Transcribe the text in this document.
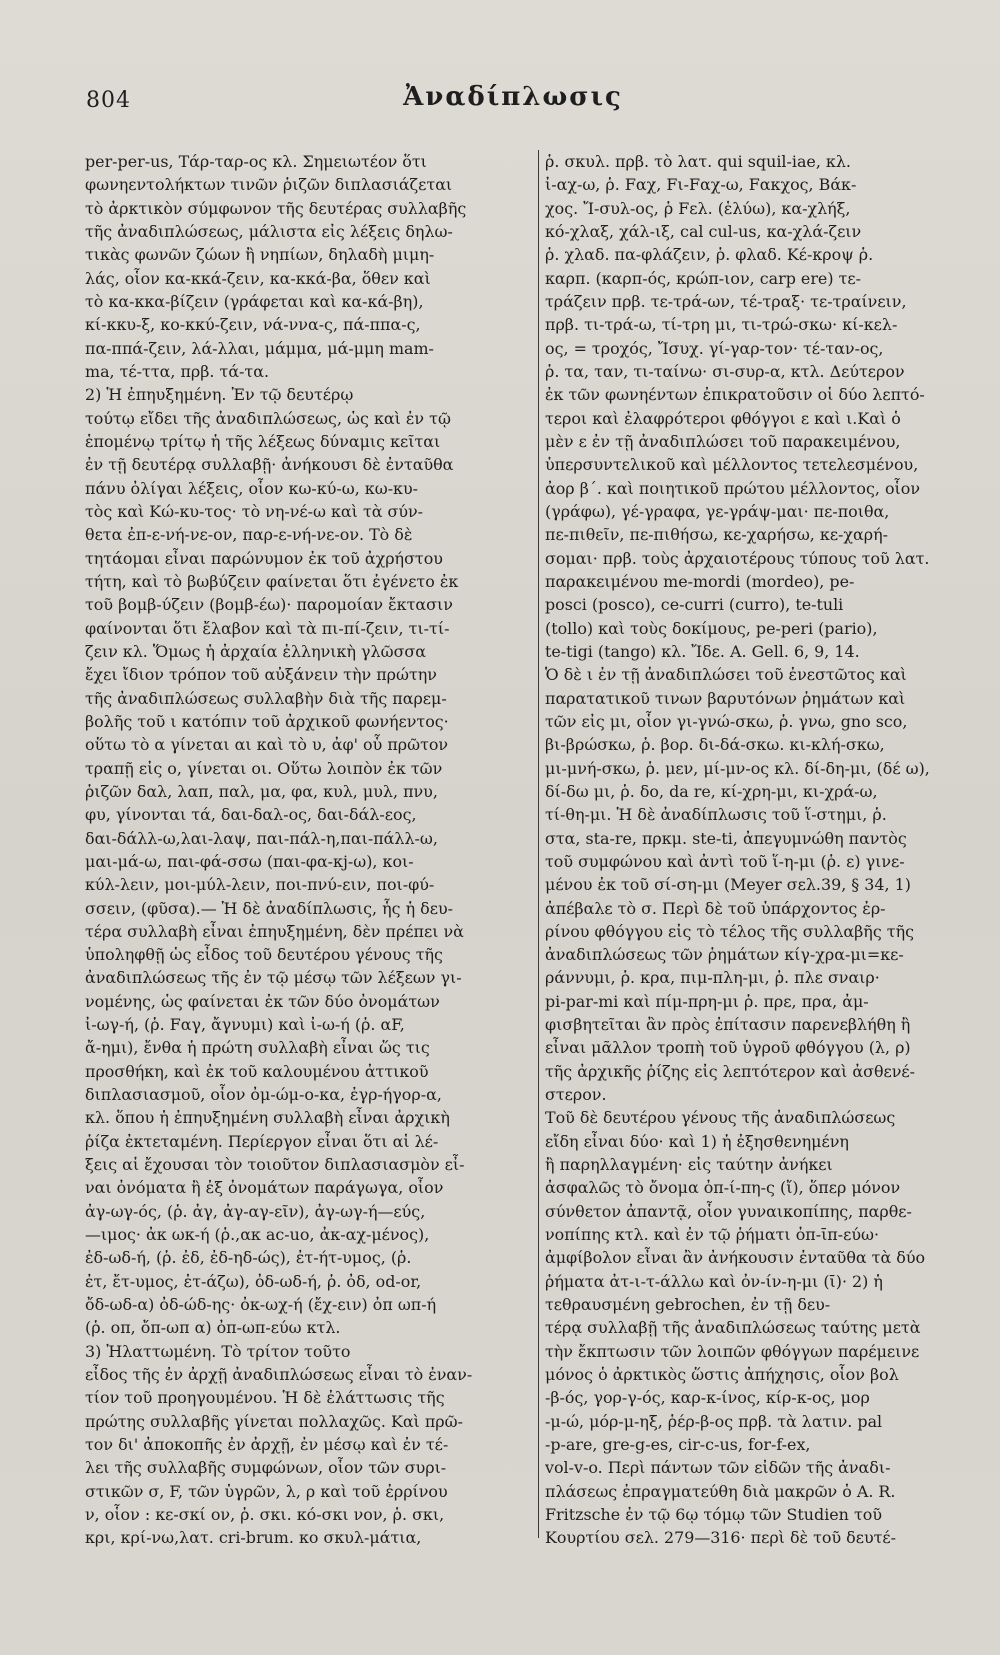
804	Ἀναδίπλωσις
per-per-us, Τάρ-ταρ-ος κλ. Σημειωτέον ὅτι
φωνηεντολήκτων τινῶν ῥιζῶν διπλασιάζεται
τὸ ἀρκτικὸν σύμφωνον τῆς δευτέρας συλλαβῆς
τῆς ἀναδιπλώσεως, μάλιστα εἰς λέξεις δηλω-
τικὰς φωνῶν ζώων ἢ νηπίων, δηλαδὴ μιμη-
λάς, οἷον κα-κκά-ζειν, κα-κκά-βα, ὅθεν καὶ
τὸ κα-κκα-βίζειν (γράφεται καὶ κα-κά-βη),
κί-κκυ-ξ, κο-κκύ-ζειν, νά-ννα-ς, πά-ππα-ς,
πα-ππά-ζειν, λά-λλαι, μάμμα, μά-μμη mam-
ma, τέ-ττα, πρβ. τά-τα.
2) Ἡ ἐπηυξημένη. Ἐν τῷ δευτέρῳ
τούτῳ εἴδει τῆς ἀναδιπλώσεως, ὡς καὶ ἐν τῷ
ἑπομένῳ τρίτῳ ἡ τῆς λέξεως δύναμις κεῖται
ἐν τῇ δευτέρᾳ συλλαβῇ· ἀνήκουσι δὲ ἐνταῦθα
πάνυ ὀλίγαι λέξεις, οἷον κω-κύ-ω, κω-κυ-
τὸς καὶ Κώ-κυ-τος· τὸ νη-νέ-ω καὶ τὰ σύν-
θετα ἐπ-ε-νή-νε-ον, παρ-ε-νή-νε-ον. Τὸ δὲ
τητάομαι εἶναι παρώνυμον ἐκ τοῦ ἀχρήστου
τήτη, καὶ τὸ βωβύζειν φαίνεται ὅτι ἐγένετο ἐκ
τοῦ βομβ-ύζειν (βομβ-έω)· παρομοίαν ἔκτασιν
φαίνονται ὅτι ἔλαβον καὶ τὰ πι-πί-ζειν, τι-τί-
ζειν κλ. Ὅμως ἡ ἀρχαία ἑλληνικὴ γλῶσσα
ἔχει ἴδιον τρόπον τοῦ αὐξάνειν τὴν πρώτην
τῆς ἀναδιπλώσεως συλλαβὴν διὰ τῆς παρεμ-
βολῆς τοῦ ι κατόπιν τοῦ ἀρχικοῦ φωνήεντος·
οὕτω τὸ α γίνεται αι καὶ τὸ υ, ἀφ' οὗ πρῶτον
τραπῇ εἰς ο, γίνεται οι. Οὕτω λοιπὸν ἐκ τῶν
ῥιζῶν δαλ, λαπ, παλ, μα, φα, κυλ, μυλ, πνυ,
φυ, γίνονται τά, δαι-δαλ-ος, δαι-δάλ-εος,
δαι-δάλλ-ω,λαι-λαψ, παι-πάλ-η,παι-πάλλ-ω,
μαι-μά-ω, παι-φά-σσω (παι-φα-κj-ω), κοι-
κύλ-λειν, μοι-μύλ-λειν, ποι-πνύ-ειν, ποι-φύ-
σσειν, (φῦσα).— Ἡ δὲ ἀναδίπλωσις, ἧς ἡ δευ-
τέρα συλλαβὴ εἶναι ἐπηυξημένη, δὲν πρέπει νὰ
ὑποληφθῇ ὡς εἶδος τοῦ δευτέρου γένους τῆς
ἀναδιπλώσεως τῆς ἐν τῷ μέσῳ τῶν λέξεων γι-
νομένης, ὡς φαίνεται ἐκ τῶν δύο ὀνομάτων
ἰ-ωγ-ή, (ῥ. Fαγ, ἄγνυμι) καὶ ἰ-ω-ή (ῥ. αF,
ἄ-ημι), ἔνθα ἡ πρώτη συλλαβὴ εἶναι ὥς τις
προσθήκη, καὶ ἐκ τοῦ καλουμένου ἀττικοῦ
διπλασιασμοῦ, οἷον ὀμ-ώμ-ο-κα, ἐγρ-ήγορ-α,
κλ. ὅπου ἡ ἐπηυξημένη συλλαβὴ εἶναι ἀρχικὴ
ῥίζα ἐκτεταμένη. Περίεργον εἶναι ὅτι αἱ λέ-
ξεις αἱ ἔχουσαι τὸν τοιοῦτον διπλασιασμὸν εἶ-
ναι ὀνόματα ἢ ἐξ ὀνομάτων παράγωγα, οἷον
ἀγ-ωγ-ός, (ῥ. ἀγ, ἀγ-αγ-εῖν), ἀγ-ωγ-ή—εύς,
—ιμος· ἀκ ωκ-ή (ῥ.,ακ ac-uo, ἀκ-αχ-μένος),
ἐδ-ωδ-ή, (ῥ. ἐδ, ἐδ-ηδ-ώς), ἐτ-ήτ-υμος, (ῥ.
ἐτ, ἔτ-υμος, ἐτ-άζω), ὀδ-ωδ-ή, ῥ. ὀδ, od-or,
ὄδ-ωδ-α) ὀδ-ώδ-ης· ὀκ-ωχ-ή (ἔχ-ειν) ὀπ ωπ-ή
(ῥ. οπ, ὄπ-ωπ α) ὀπ-ωπ-εύω κτλ.
3) Ἠλαττωμένη. Τὸ τρίτον τοῦτο
εἶδος τῆς ἐν ἀρχῇ ἀναδιπλώσεως εἶναι τὸ ἐναν-
τίον τοῦ προηγουμένου. Ἡ δὲ ἐλάττωσις τῆς
πρώτης συλλαβῆς γίνεται πολλαχῶς. Καὶ πρῶ-
τον δι' ἀποκοπῆς ἐν ἀρχῇ, ἐν μέσῳ καὶ ἐν τέ-
λει τῆς συλλαβῆς συμφώνων, οἷον τῶν συρι-
στικῶν σ, F, τῶν ὑγρῶν, λ, ρ καὶ τοῦ ἐρρίνου
ν, οἷον : κε-σκί ον, ῥ. σκι. κό-σκι νον, ῥ. σκι,
κρι, κρί-νω,λατ. cri-brum. κο σκυλ-μάτια,
ῥ. σκυλ. πρβ. τὸ λατ. qui squil-iae, κλ.
ἰ-αχ-ω, ῥ. Fαχ, Fι-Fαχ-ω, Fακχος, Βάκ-
χος. Ἴ-συλ-ος, ῥ Fελ. (ἑλύω), κα-χλήξ,
κό-χλαξ, χάλ-ιξ, cal cul-us, κα-χλά-ζειν
ῥ. χλαδ. πα-φλάζειν, ῥ. φλαδ. Κέ-κροψ ῥ.
καρπ. (καρπ-ός, κρώπ-ιον, carp ere) τε-
τράζειν πρβ. τε-τρά-ων, τέ-τραξ· τε-τραίνειν,
πρβ. τι-τρά-ω, τί-τρη μι, τι-τρώ-σκω· κί-κελ-
ος, = τροχός, Ἴσυχ. γί-γαρ-τον· τέ-ταν-ος,
ῥ. τα, ταν, τι-ταίνω· σι-συρ-α, κτλ. Δεύτερον
ἐκ τῶν φωνηέντων ἐπικρατοῦσιν οἱ δύο λεπτό-
τεροι καὶ ἐλαφρότεροι φθόγγοι ε καὶ ι.Καὶ ὁ
μὲν ε ἐν τῇ ἀναδιπλώσει τοῦ παρακειμένου,
ὑπερσυντελικοῦ καὶ μέλλοντος τετελεσμένου,
ἀορ β΄. καὶ ποιητικοῦ πρώτου μέλλοντος, οἷον
(γράφω), γέ-γραφα, γε-γράψ-μαι· πε-ποιθα,
πε-πιθεῖν, πε-πιθήσω, κε-χαρήσω, κε-χαρή-
σομαι· πρβ. τοὺς ἀρχαιοτέρους τύπους τοῦ λατ.
παρακειμένου me-mordi (mordeo), pe-
posci (posco), ce-curri (curro), te-tuli
(tollo) καὶ τοὺς δοκίμους, pe-peri (pario),
te-tigi (tango) κλ. Ἴδε. A. Gell. 6, 9, 14.
Ὁ δὲ ι ἐν τῇ ἀναδιπλώσει τοῦ ἐνεστῶτος καὶ
παρατατικοῦ τινων βαρυτόνων ῥημάτων καὶ
τῶν εἰς μι, οἷον γι-γνώ-σκω, ῥ. γνω, gno sco,
βι-βρώσκω, ῥ. βορ. δι-δά-σκω. κι-κλή-σκω,
μι-μνή-σκω, ῥ. μεν, μί-μν-ος κλ. δί-δη-μι, (δέ ω),
δί-δω μι, ῥ. δο, da re, κί-χρη-μι, κι-χρά-ω,
τί-θη-μι. Ἡ δὲ ἀναδίπλωσις τοῦ ἵ-στημι, ῥ.
στα, sta-re, πρκμ. ste-ti, ἀπεγυμνώθη παντὸς
τοῦ συμφώνου καὶ ἀντὶ τοῦ ἵ-η-μι (ῥ. ε) γινε-
μένου ἐκ τοῦ σί-ση-μι (Meyer σελ.39, § 34, 1)
ἀπέβαλε τὸ σ. Περὶ δὲ τοῦ ὑπάρχοντος ἐρ-
ρίνου φθόγγου εἰς τὸ τέλος τῆς συλλαβῆς τῆς
ἀναδιπλώσεως τῶν ῥημάτων κίγ-χρα-μι=κε-
ράννυμι, ῥ. κρα, πιμ-πλη-μι, ῥ. πλε σναιρ·
pi-par-mi καὶ πίμ-πρη-μι ῥ. πρε, πρα, ἀμ-
φισβητεῖται ἂν πρὸς ἐπίτασιν παρενεβλήθη ἢ
εἶναι μᾶλλον τροπὴ τοῦ ὑγροῦ φθόγγου (λ, ρ)
τῆς ἀρχικῆς ῥίζης εἰς λεπτότερον καὶ ἀσθενέ-
στερον.
Τοῦ δὲ δευτέρου γένους τῆς ἀναδιπλώσεως
εἴδη εἶναι δύο· καὶ 1) ἡ ἐξησθενημένη
ἢ παρηλλαγμένη· εἰς ταύτην ἀνήκει
ἀσφαλῶς τὸ ὄνομα ὀπ-ί-πη-ς (ἴ), ὅπερ μόνον
σύνθετον ἀπαντᾷ, οἷον γυναικοπίπης, παρθε-
νοπίπης κτλ. καὶ ἐν τῷ ῥήματι ὀπ-ῑπ-εύω·
ἀμφίβολον εἶναι ἂν ἀνήκουσιν ἐνταῦθα τὰ δύο
ῥήματα ἀτ-ι-τ-άλλω καὶ ὀν-ίν-η-μι (ῑ)· 2) ἡ
τεθραυσμένη gebrochen, ἐν τῇ δευ-
τέρᾳ συλλαβῇ τῆς ἀναδιπλώσεως ταύτης μετὰ
τὴν ἔκπτωσιν τῶν λοιπῶν φθόγγων παρέμεινε
μόνος ὁ ἀρκτικὸς ὥστις ἀπήχησις, οἷον βολ
-β-ός, γορ-γ-ός, καρ-κ-ίνος, κίρ-κ-ος, μορ
-μ-ώ, μόρ-μ-ηξ, ῥέρ-β-ος πρβ. τὰ λατιν. pal
-p-are, gre-g-es, cir-c-us, for-f-ex,
vol-v-o. Περὶ πάντων τῶν εἰδῶν τῆς ἀναδι-
πλάσεως ἐπραγματεύθη διὰ μακρῶν ὁ A. R.
Fritzsche ἐν τῷ 6ῳ τόμῳ τῶν Studien τοῦ
Κουρτίου σελ. 279—316· περὶ δὲ τοῦ δευτέ-
